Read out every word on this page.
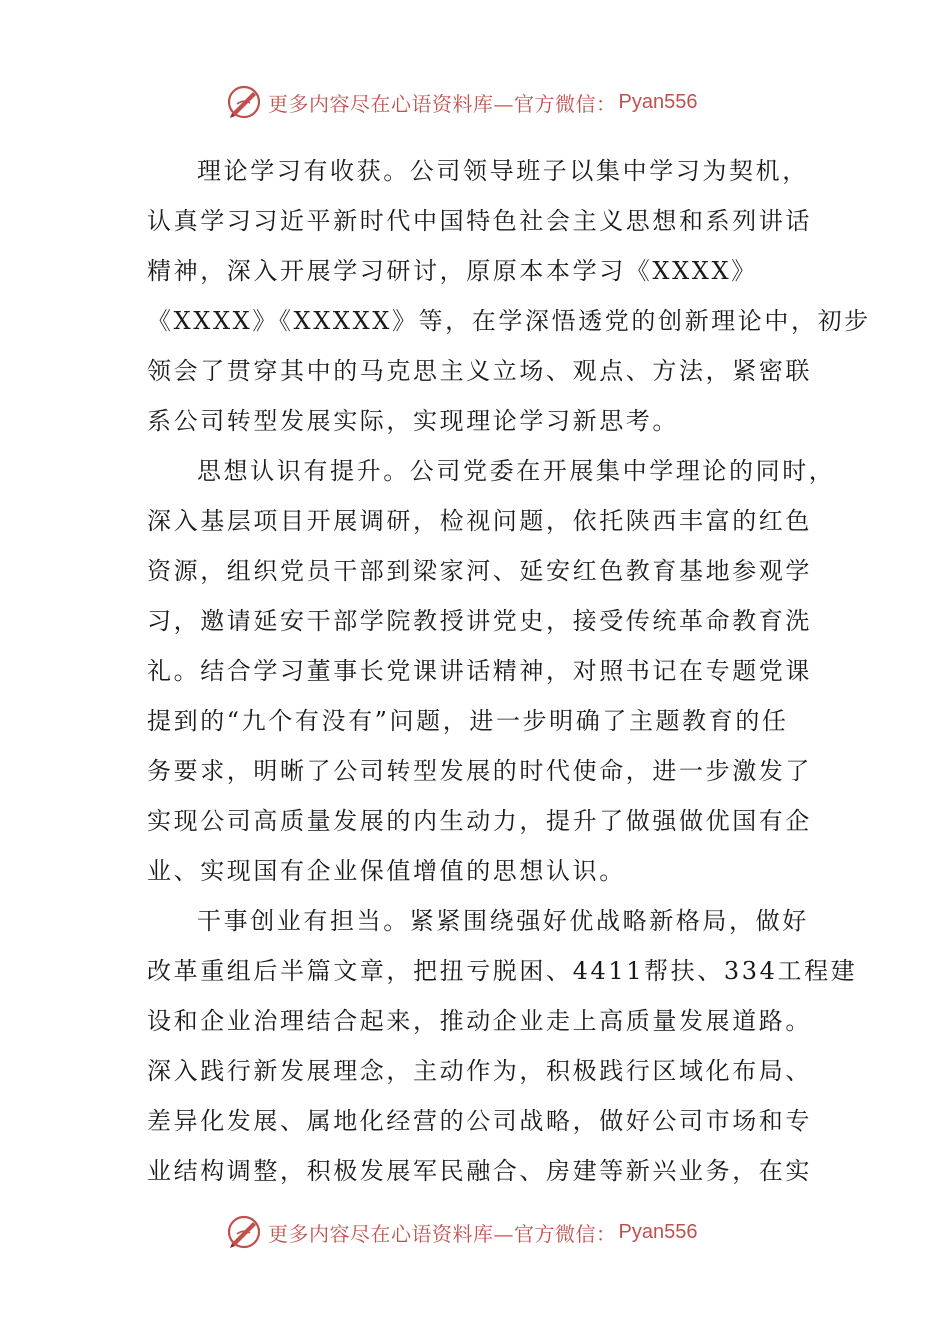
更多内容尽在心语资料库—官方微信： Pyan556
理论学习有收获。公司领导班子以集中学习为契机，
认真学习习近平新时代中国特色社会主义思想和系列讲话
精神，深入开展学习研讨，原原本本学习《XXXX》
《XXXX》《XXXXX》等，在学深悟透党的创新理论中，初步
领会了贯穿其中的马克思主义立场、观点、方法，紧密联
系公司转型发展实际，实现理论学习新思考。
思想认识有提升。公司党委在开展集中学理论的同时，
深入基层项目开展调研，检视问题，依托陕西丰富的红色
资源，组织党员干部到梁家河、延安红色教育基地参观学
习，邀请延安干部学院教授讲党史，接受传统革命教育洗
礼。结合学习董事长党课讲话精神，对照书记在专题党课
提到的“九个有没有”问题，进一步明确了主题教育的任
务要求，明晰了公司转型发展的时代使命，进一步激发了
实现公司高质量发展的内生动力，提升了做强做优国有企
业、实现国有企业保值增值的思想认识。
干事创业有担当。紧紧围绕强好优战略新格局，做好
改革重组后半篇文章，把扭亏脱困、4411帮扶、334工程建
设和企业治理结合起来，推动企业走上高质量发展道路。
深入践行新发展理念，主动作为，积极践行区域化布局、
差异化发展、属地化经营的公司战略，做好公司市场和专
业结构调整，积极发展军民融合、房建等新兴业务，在实
更多内容尽在心语资料库—官方微信： Pyan556
